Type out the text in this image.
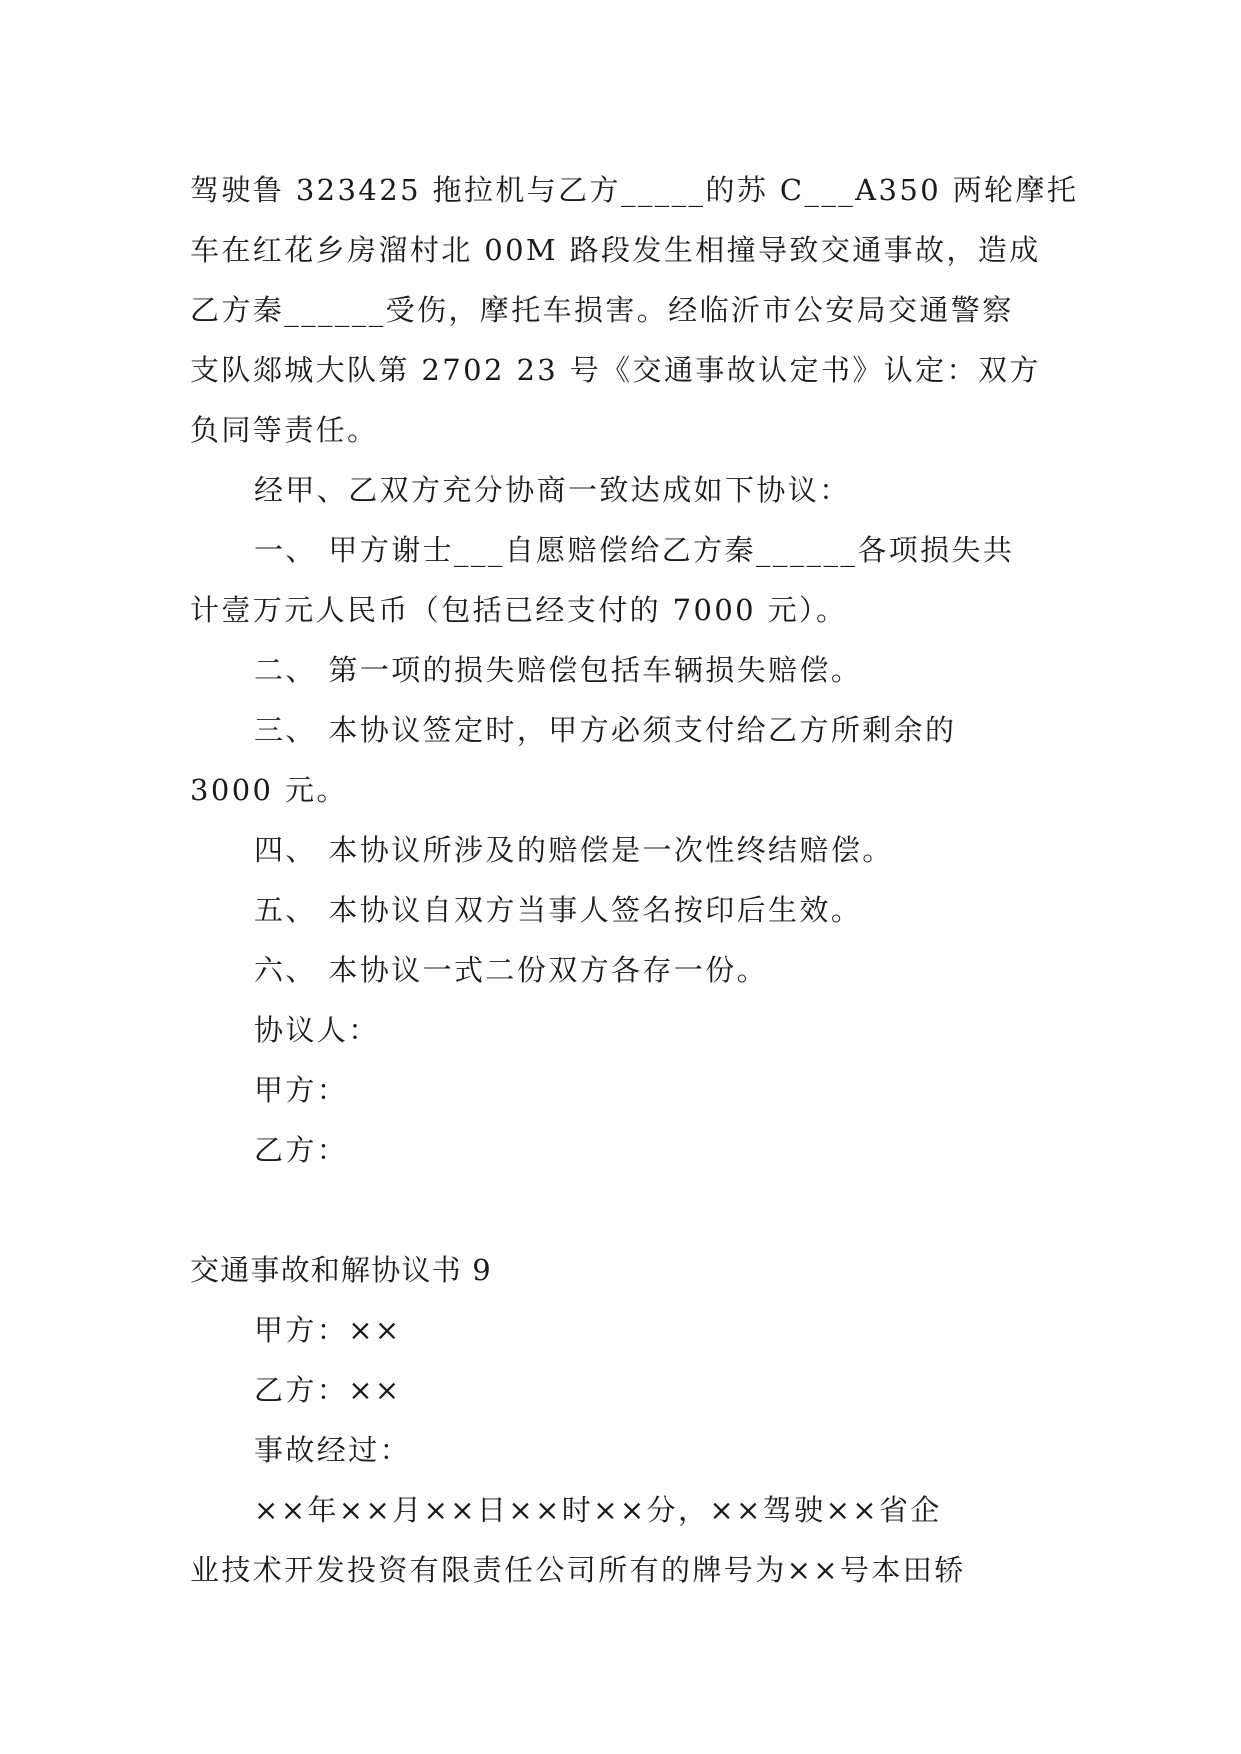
驾驶鲁 323425 拖拉机与乙方_____的苏 C___A350 两轮摩托
车在红花乡房溜村北 00M 路段发生相撞导致交通事故，造成
乙方秦______受伤，摩托车损害。经临沂市公安局交通警察
支队郯城大队第 2702 23 号《交通事故认定书》认定：双方
负同等责任。
经甲、乙双方充分协商一致达成如下协议：
一、 甲方谢士___自愿赔偿给乙方秦______各项损失共
计壹万元人民币（包括已经支付的 7000 元）。
二、 第一项的损失赔偿包括车辆损失赔偿。
三、 本协议签定时，甲方必须支付给乙方所剩余的
3000 元。
四、 本协议所涉及的赔偿是一次性终结赔偿。
五、 本协议自双方当事人签名按印后生效。
六、 本协议一式二份双方各存一份。
协议人：
甲方：
乙方：
交通事故和解协议书 9
甲方：××
乙方：××
事故经过：
××年××月××日××时××分，××驾驶××省企
业技术开发投资有限责任公司所有的牌号为××号本田轿
